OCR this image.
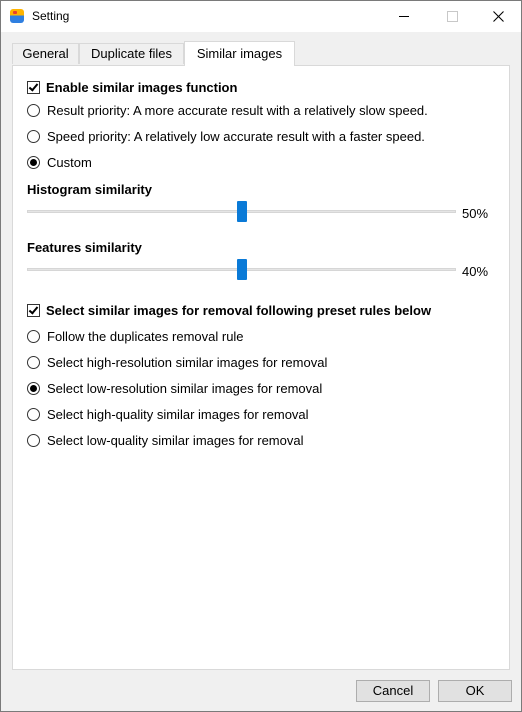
Setting
General	Duplicate files	Similar images
Enable similar images function
Result priority: A more accurate result with a relatively slow speed.
Speed priority: A relatively low accurate result with a faster speed.
Custom
Histogram similarity
50%
Features similarity
40%
Select similar images for removal following preset rules below
Follow the duplicates removal rule
Select high-resolution similar images for removal
Select low-resolution similar images for removal
Select high-quality similar images for removal
Select low-quality similar images for removal
Cancel	OK
